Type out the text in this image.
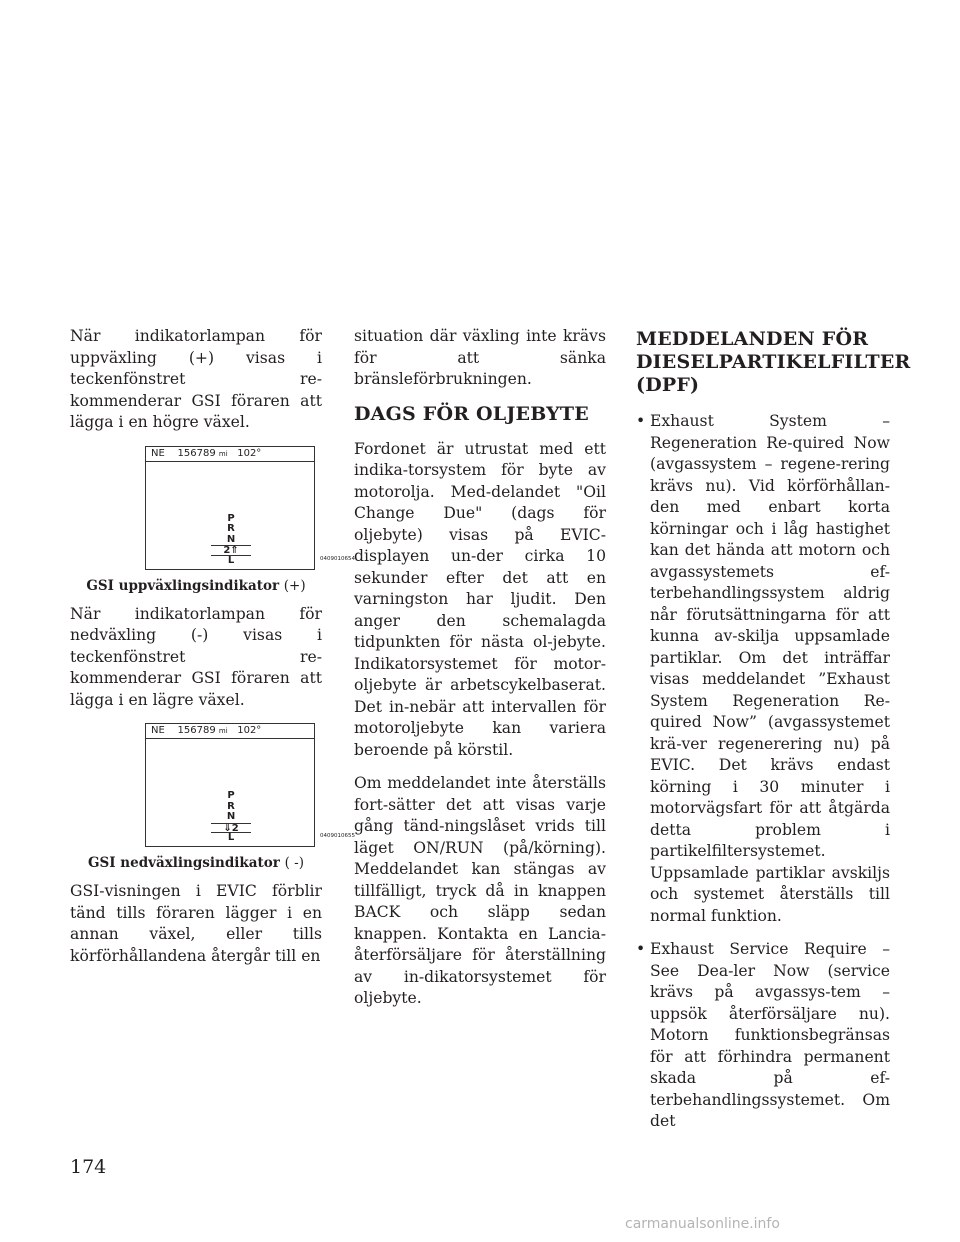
När indikatorlampan för uppväxling (+) visas i teckenfönstret re-kommenderar GSI föraren att lägga i en högre växel.

NE 156789 mi 102°
P
R
N
2⇑
L	0409010654
GSI uppväxlingsindikator (+)

När indikatorlampan för nedväxling (-) visas i teckenfönstret re-kommenderar GSI föraren att lägga i en lägre växel.

NE 156789 mi 102°
P
R
N
⇓2
L	0409010655
GSI nedväxlingsindikator ( -)

GSI-visningen i EVIC förblir tänd tills föraren lägger i en annan växel, eller tills körförhållandena återgår till en

situation där växling inte krävs för att sänka bränsleförbrukningen.

DAGS FÖR OLJEBYTE

Fordonet är utrustat med ett indika-torsystem för byte av motorolja. Med-delandet "Oil Change Due" (dags för oljebyte) visas på EVIC-displayen un-der cirka 10 sekunder efter det att en varningston har ljudit. Den anger den schemalagda tidpunkten för nästa ol-jebyte. Indikatorsystemet för motor-oljebyte är arbetscykelbaserat. Det in-nebär att intervallen för motoroljebyte kan variera beroende på körstil.

Om meddelandet inte återställs fort-sätter det att visas varje gång tänd-ningslåset vrids till läget ON/RUN (på/körning). Meddelandet kan stängas av tillfälligt, tryck då in knappen BACK och släpp sedan knappen. Kontakta en Lancia-återförsäljare för återställning av in-dikatorsystemet för oljebyte.

MEDDELANDEN FÖR DIESELPARTIKELFILTER (DPF)
• Exhaust System – Regeneration Re-quired Now (avgassystem – regene-rering krävs nu). Vid körförhållan-den med enbart korta körningar och i låg hastighet kan det hända att motorn och avgassystemets ef-terbehandlingssystem aldrig når förutsättningarna för att kunna av-skilja uppsamlade partiklar. Om det inträffar visas meddelandet ”Exhaust System Regeneration Re-quired Now” (avgassystemet krä-ver regenerering nu) på EVIC. Det krävs endast körning i 30 minuter i motorvägsfart för att åtgärda detta problem i partikelfiltersystemet. Uppsamlade partiklar avskiljs och systemet återställs till normal funktion.
• Exhaust Service Require – See Dea-ler Now (service krävs på avgassys-tem – uppsök återförsäljare nu). Motorn funktionsbegränsas för att förhindra permanent skada på ef-terbehandlingssystemet. Om det
174
carmanualsonline.info
